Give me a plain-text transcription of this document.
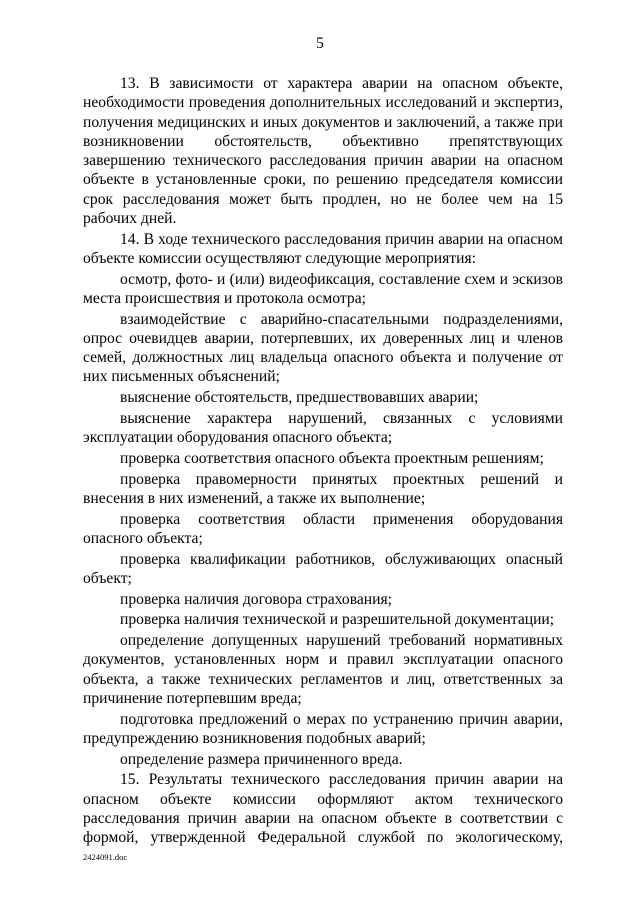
5

13. В зависимости от характера аварии на опасном объекте, необходимости проведения дополнительных исследований и экспертиз, получения медицинских и иных документов и заключений, а также при возникновении обстоятельств, объективно препятствующих завершению технического расследования причин аварии на опасном объекте в установленные сроки, по решению председателя комиссии срок расследования может быть продлен, но не более чем на 15 рабочих дней.

14. В ходе технического расследования причин аварии на опасном объекте комиссии осуществляют следующие мероприятия:

осмотр, фото- и (или) видеофиксация, составление схем и эскизов места происшествия и протокола осмотра;

взаимодействие с аварийно-спасательными подразделениями, опрос очевидцев аварии, потерпевших, их доверенных лиц и членов семей, должностных лиц владельца опасного объекта и получение от них письменных объяснений;

выяснение обстоятельств, предшествовавших аварии;

выяснение характера нарушений, связанных с условиями эксплуатации оборудования опасного объекта;

проверка соответствия опасного объекта проектным решениям;

проверка правомерности принятых проектных решений и внесения в них изменений, а также их выполнение;

проверка соответствия области применения оборудования опасного объекта;

проверка квалификации работников, обслуживающих опасный объект;

проверка наличия договора страхования;

проверка наличия технической и разрешительной документации;

определение допущенных нарушений требований нормативных документов, установленных норм и правил эксплуатации опасного объекта, а также технических регламентов и лиц, ответственных за причинение потерпевшим вреда;

подготовка предложений о мерах по устранению причин аварии, предупреждению возникновения подобных аварий;

определение размера причиненного вреда.

15. Результаты технического расследования причин аварии на опасном объекте комиссии оформляют актом технического расследования причин аварии на опасном объекте в соответствии с формой, утвержденной Федеральной службой по экологическому,

2424091.doc
